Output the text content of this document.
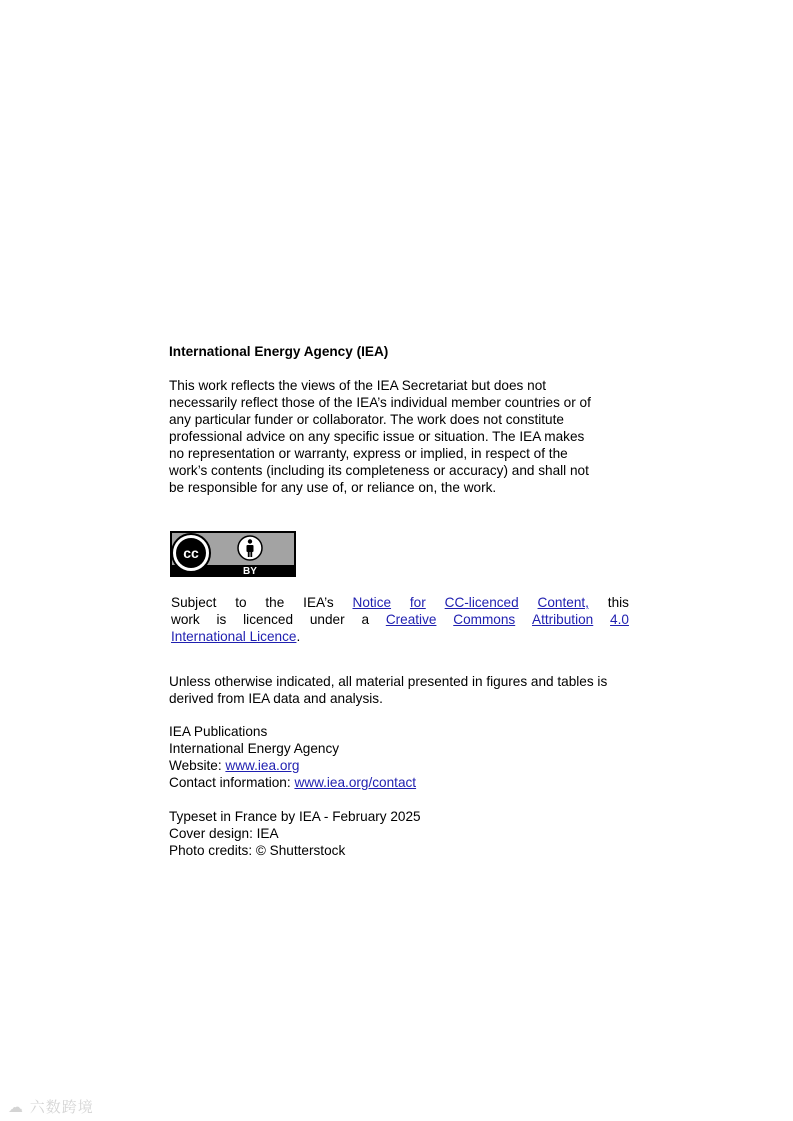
International Energy Agency (IEA)
This work reflects the views of the IEA Secretariat but does not
necessarily reflect those of the IEA’s individual member countries or of
any particular funder or collaborator. The work does not constitute
professional advice on any specific issue or situation. The IEA makes
no representation or warranty, express or implied, in respect of the
work’s contents (including its completeness or accuracy) and shall not
be responsible for any use of, or reliance on, the work.
cc
BY
Subject to the IEA’s Notice for CC-licenced Content, this
work is licenced under a Creative Commons Attribution 4.0
International Licence.
Unless otherwise indicated, all material presented in figures and tables is
derived from IEA data and analysis.
IEA Publications
International Energy Agency
Website: www.iea.org
Contact information: www.iea.org/contact
Typeset in France by IEA - February 2025
Cover design: IEA
Photo credits: © Shutterstock
☁ 六数跨境
